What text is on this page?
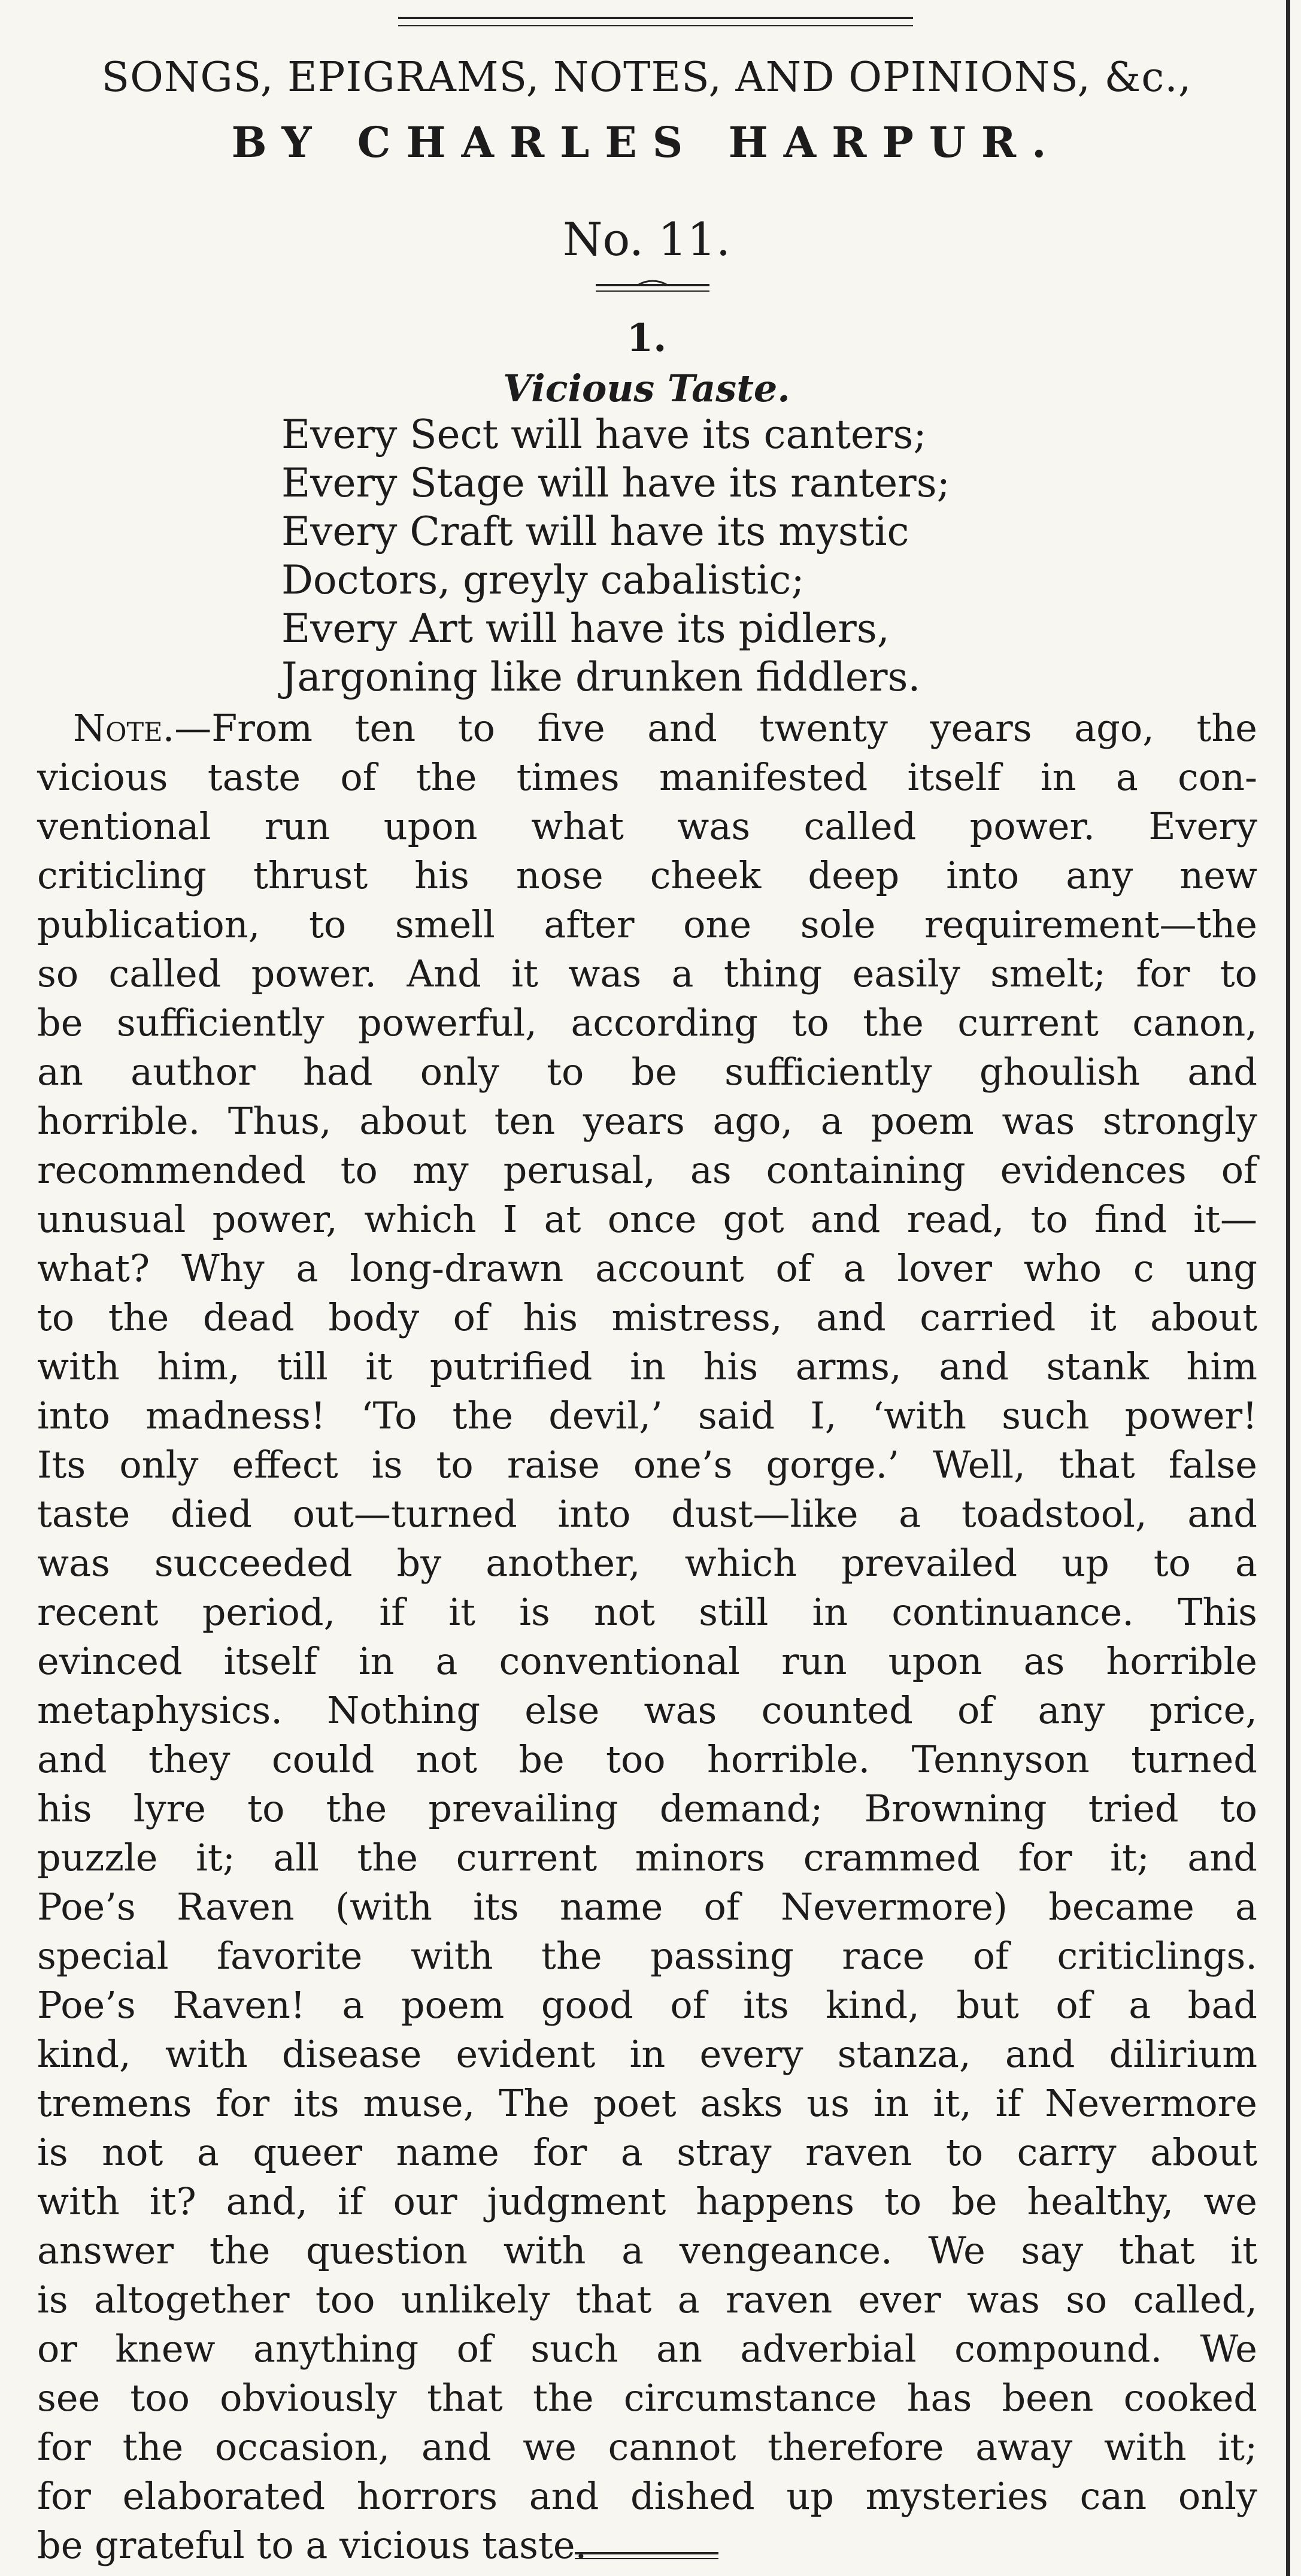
SONGS, EPIGRAMS, NOTES, AND OPINIONS, &c.,
BY CHARLES HARPUR.
No. 11.
1.
Vicious Taste.
Every Sect will have its canters;
Every Stage will have its ranters;
Every Craft will have its mystic
Doctors, greyly cabalistic;
Every Art will have its pidlers,
Jargoning like drunken fiddlers.
Note.—From ten to five and twenty years ago, the
vicious taste of the times manifested itself in a con-
ventional run upon what was called power. Every
criticling thrust his nose cheek deep into any new
publication, to smell after one sole requirement—the
so called power. And it was a thing easily smelt; for to
be sufficiently powerful, according to the current canon,
an author had only to be sufficiently ghoulish and
horrible. Thus, about ten years ago, a poem was strongly
recommended to my perusal, as containing evidences of
unusual power, which I at once got and read, to find it—
what? Why a long-drawn account of a lover who c ung
to the dead body of his mistress, and carried it about
with him, till it putrified in his arms, and stank him
into madness! ‘To the devil,’ said I, ‘with such power!
Its only effect is to raise one’s gorge.’ Well, that false
taste died out—turned into dust—like a toadstool, and
was succeeded by another, which prevailed up to a
recent period, if it is not still in continuance. This
evinced itself in a conventional run upon as horrible
metaphysics. Nothing else was counted of any price,
and they could not be too horrible. Tennyson turned
his lyre to the prevailing demand; Browning tried to
puzzle it; all the current minors crammed for it; and
Poe’s Raven (with its name of Nevermore) became a
special favorite with the passing race of criticlings.
Poe’s Raven! a poem good of its kind, but of a bad
kind, with disease evident in every stanza, and dilirium
tremens for its muse, The poet asks us in it, if Nevermore
is not a queer name for a stray raven to carry about
with it? and, if our judgment happens to be healthy, we
answer the question with a vengeance. We say that it
is altogether too unlikely that a raven ever was so called,
or knew anything of such an adverbial compound. We
see too obviously that the circumstance has been cooked
for the occasion, and we cannot therefore away with it;
for elaborated horrors and dished up mysteries can only
be grateful to a vicious taste.
